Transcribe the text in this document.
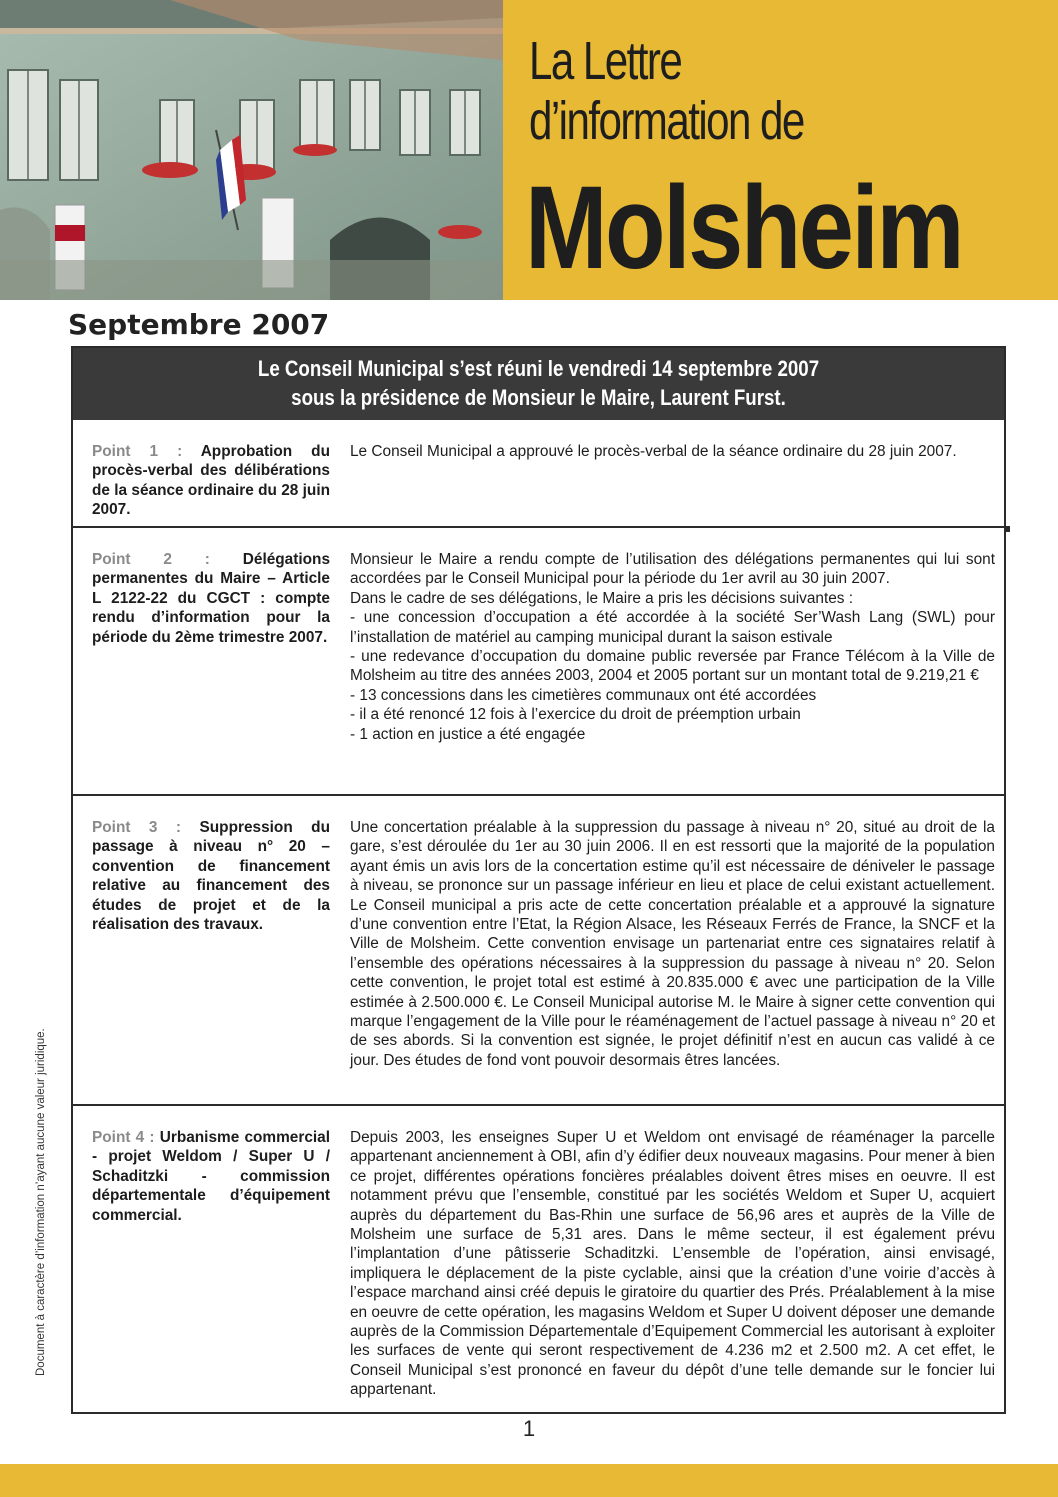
La Lettre
d’information de
Molsheim
Septembre 2007
Le Conseil Municipal s’est réuni le vendredi 14 septembre 2007
sous la présidence de Monsieur le Maire, Laurent Furst.
Point 1 : Approbation du procès-verbal des délibérations de la séance ordinaire du 28 juin 2007.

Le Conseil Municipal a approuvé le procès-verbal de la séance ordinaire du 28 juin 2007.

Point 2 : Délégations permanentes du Maire – Article L 2122-22 du CGCT : compte rendu d’information pour la période du 2ème trimestre 2007.

Monsieur le Maire a rendu compte de l’utilisation des délégations permanentes qui lui sont accordées par le Conseil Municipal pour la période du 1er avril au 30 juin 2007.

Dans le cadre de ses délégations, le Maire a pris les décisions suivantes :

- une concession d’occupation a été accordée à la société Ser’Wash Lang (SWL) pour l’installation de matériel au camping municipal durant la saison estivale

- une redevance d’occupation du domaine public reversée par France Télécom à la Ville de Molsheim au titre des années 2003, 2004 et 2005 portant sur un montant total de 9.219,21 €

- 13 concessions dans les cimetières communaux ont été accordées

- il a été renoncé 12 fois à l’exercice du droit de préemption urbain

- 1 action en justice a été engagée

Point 3 : Suppression du passage à niveau n° 20 – convention de financement relative au financement des études de projet et de la réalisation des travaux.

Une concertation préalable à la suppression du passage à niveau n° 20, situé au droit de la gare, s’est déroulée du 1er au 30 juin 2006. Il en est ressorti que la majorité de la population ayant émis un avis lors de la concertation estime qu’il est nécessaire de déniveler le passage à niveau, se prononce sur un passage inférieur en lieu et place de celui existant actuellement. Le Conseil municipal a pris acte de cette concertation préalable et a approuvé la signature d’une convention entre l’Etat, la Région Alsace, les Réseaux Ferrés de France, la SNCF et la Ville de Molsheim. Cette convention envisage un partenariat entre ces signataires relatif à l’ensemble des opérations nécessaires à la suppression du passage à niveau n° 20. Selon cette convention, le projet total est estimé à 20.835.000 € avec une participation de la Ville estimée à 2.500.000 €. Le Conseil Municipal autorise M. le Maire à signer cette convention qui marque l’engagement de la Ville pour le réaménagement de l’actuel passage à niveau n° 20 et de ses abords. Si la convention est signée, le projet définitif n’est en aucun cas validé à ce jour. Des études de fond vont pouvoir desormais êtres lancées.

Point 4 : Urbanisme commercial - projet Weldom / Super U / Schaditzki - commission départementale d’équipement commercial.

Depuis 2003, les enseignes Super U et Weldom ont envisagé de réaménager la parcelle appartenant anciennement à OBI, afin d’y édifier deux nouveaux magasins. Pour mener à bien ce projet, différentes opérations foncières préalables doivent êtres mises en oeuvre. Il est notamment prévu que l’ensemble, constitué par les sociétés Weldom et Super U, acquiert auprès du département du Bas-Rhin une surface de 56,96 ares et auprès de la Ville de Molsheim une surface de 5,31 ares. Dans le même secteur, il est également prévu l’implantation d’une pâtisserie Schaditzki. L’ensemble de l’opération, ainsi envisagé, impliquera le déplacement de la piste cyclable, ainsi que la création d’une voirie d’accès à l’espace marchand ainsi créé depuis le giratoire du quartier des Prés. Préalablement à la mise en oeuvre de cette opération, les magasins Weldom et Super U doivent déposer une demande auprès de la Commission Départementale d’Equipement Commercial les autorisant à exploiter les surfaces de vente qui seront respectivement de 4.236 m2 et 2.500 m2. A cet effet, le Conseil Municipal s’est prononcé en faveur du dépôt d’une telle demande sur le foncier lui appartenant.

Document à caractère d’information n’ayant aucune valeur juridique.
1
